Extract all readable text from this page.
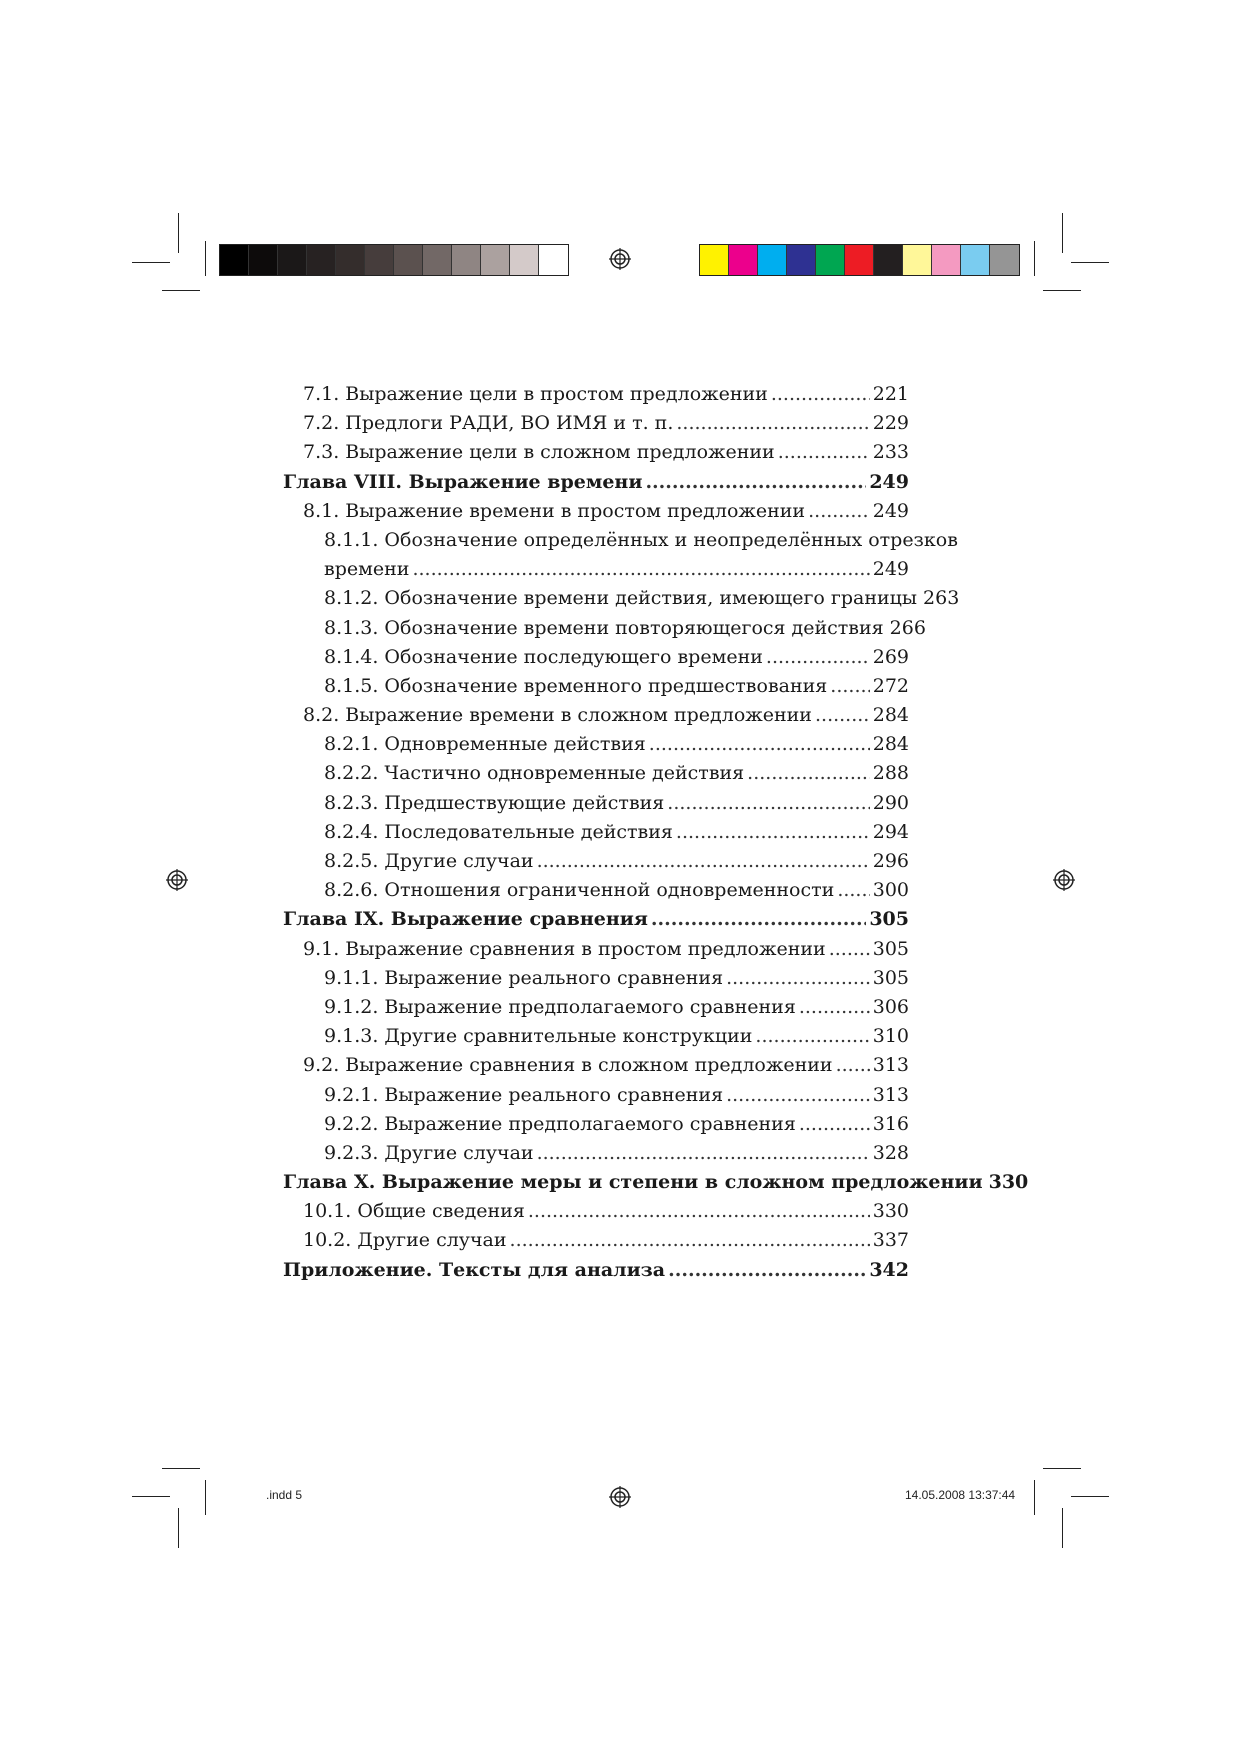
7.1. Выражение цели в простом предложении .....	221
7.2. Предлоги РАДИ, ВО ИМЯ и т. п. .....	229
7.3. Выражение цели в сложном предложении .....	233
Глава VIII. Выражение времени .....	249
8.1. Выражение времени в простом предложении .....	249
8.1.1. Обозначение определённых и неопределённых отрезков
времени .....	249
8.1.2. Обозначение времени действия, имеющего границы 263
8.1.3. Обозначение времени повторяющегося действия 266
8.1.4. Обозначение последующего времени .....	269
8.1.5. Обозначение временного предшествования ..... 272
8.2. Выражение времени в сложном предложении .....	284
8.2.1. Одновременные действия .....	284
8.2.2. Частично одновременные действия .....	288
8.2.3. Предшествующие действия .....	290
8.2.4. Последовательные действия .....	294
8.2.5. Другие случаи .....	296
8.2.6. Отношения ограниченной одновременности ..... 300
Глава IX. Выражение сравнения .....	305
9.1. Выражение сравнения в простом предложении ..... 305
9.1.1. Выражение реального сравнения .....	305
9.1.2. Выражение предполагаемого сравнения .....	306
9.1.3. Другие сравнительные конструкции .....	310
9.2. Выражение сравнения в сложном предложении ..... 313
9.2.1. Выражение реального сравнения .....	313
9.2.2. Выражение предполагаемого сравнения .....	316
9.2.3. Другие случаи .....	328
Глава X. Выражение меры и степени в сложном предложении 330
10.1. Общие сведения .....	330
10.2. Другие случаи .....	337
Приложение. Тексты для анализа .....	342
.indd 5	14.05.2008 13:37:44
